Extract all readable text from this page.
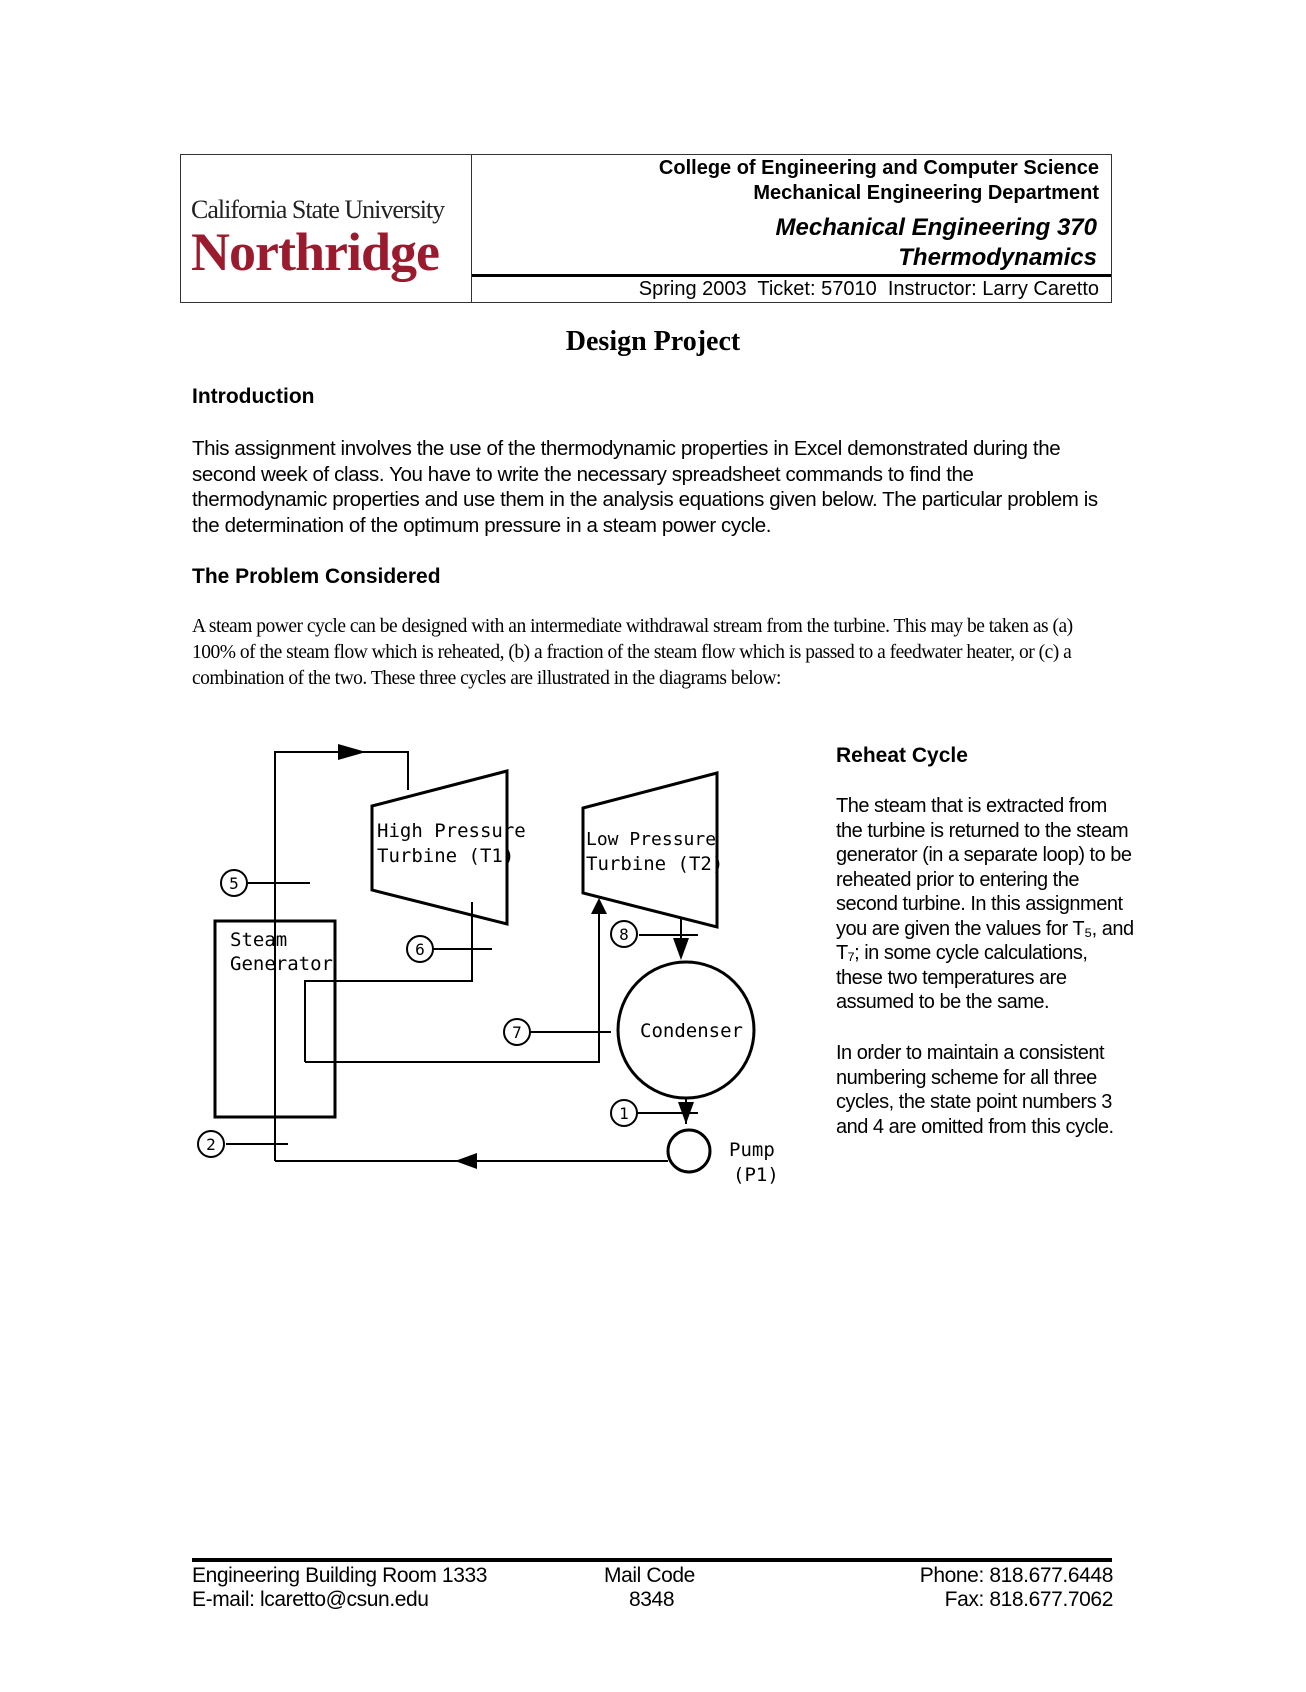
California State University
Northridge
College of Engineering and Computer Science
Mechanical Engineering Department
Mechanical Engineering 370
Thermodynamics
Spring 2003  Ticket: 57010  Instructor: Larry Caretto
Design Project
Introduction
This assignment involves the use of the thermodynamic properties in Excel demonstrated during the second week of class. You have to write the necessary spreadsheet commands to find the thermodynamic properties and use them in the analysis equations given below. The particular problem is the determination of the optimum pressure in a steam power cycle.
The Problem Considered
A steam power cycle can be designed with an intermediate withdrawal stream from the turbine. This may be taken as (a) 100% of the steam flow which is reheated, (b) a fraction of the steam flow which is passed to a feedwater heater, or (c) a combination of the two. These three cycles are illustrated in the diagrams below:
High Pressure
Turbine (T1)
Low Pressure
Turbine (T2)
Steam
Generator
Condenser
Pump
(P1)
5
6
7
8
1
2
Reheat Cycle
The steam that is extracted from
the turbine is returned to the steam
generator (in a separate loop) to be
reheated prior to entering the
second turbine. In this assignment
you are given the values for T₅, and
T₇; in some cycle calculations,
these two temperatures are
assumed to be the same.
In order to maintain a consistent
numbering scheme for all three
cycles, the state point numbers 3
and 4 are omitted from this cycle.
Engineering Building Room 1333
E-mail: lcaretto@csun.edu
Mail Code
8348
Phone: 818.677.6448
Fax: 818.677.7062
